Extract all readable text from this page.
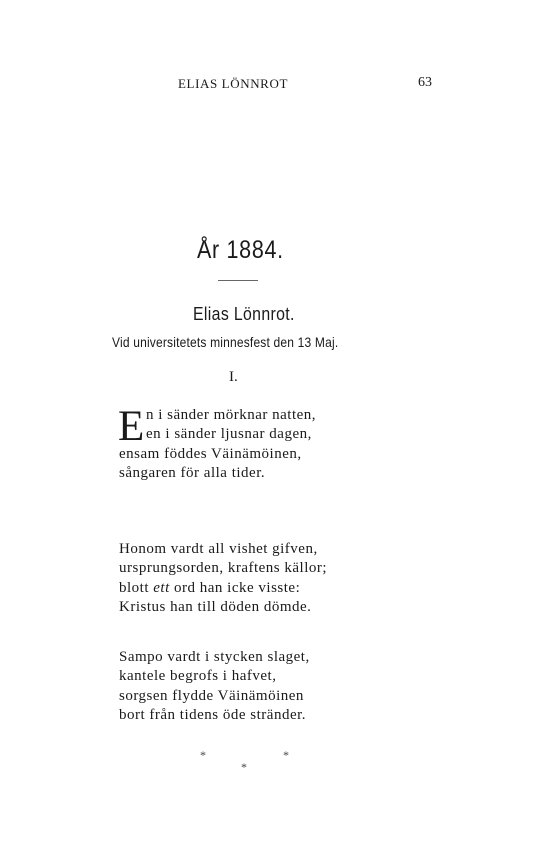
ELIAS LÖNNROT	63
År 1884.
Elias Lönnrot.
Vid universitetets minnesfest den 13 Maj.
I.
E n i sänder mörknar natten,
en i sänder ljusnar dagen,
ensam föddes Väinämöinen,
sångaren för alla tider.
Honom vardt all vishet gifven,
ursprungsorden, kraftens källor;
blott ett ord han icke visste:
Kristus han till döden dömde.
Sampo vardt i stycken slaget,
kantele begrofs i hafvet,
sorgsen flydde Väinämöinen
bort från tidens öde stränder.
*	*
*
